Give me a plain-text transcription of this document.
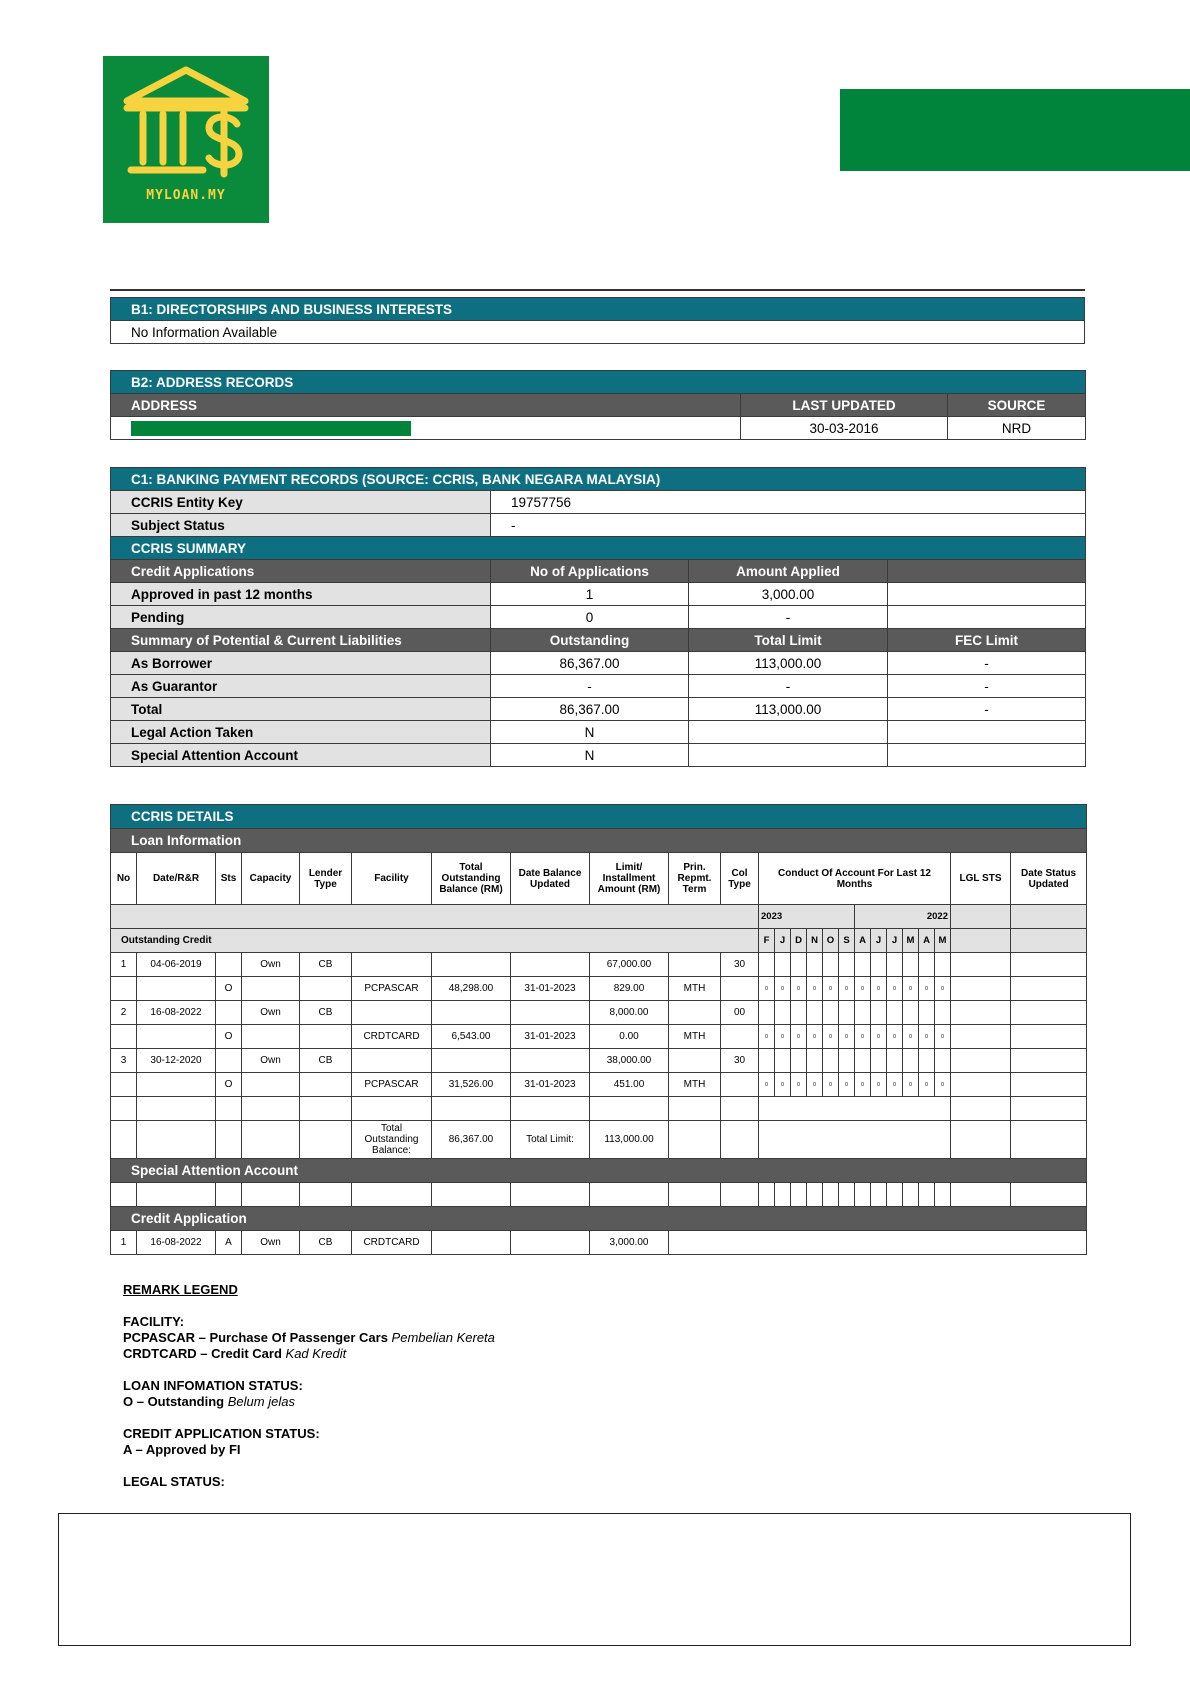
MYLOAN.MY
B1: DIRECTORSHIPS AND BUSINESS INTERESTS
No Information Available
B2: ADDRESS RECORDS		
ADDRESS	LAST UPDATED	SOURCE
	30-03-2016	NRD
C1: BANKING PAYMENT RECORDS (SOURCE: CCRIS, BANK NEGARA MALAYSIA)			
CCRIS Entity Key	19757756		
Subject Status	-		
CCRIS SUMMARY			
Credit Applications	No of Applications	Amount Applied	
Approved in past 12 months	1	3,000.00	
Pending	0	-	
Summary of Potential & Current Liabilities	Outstanding	Total Limit	FEC Limit
As Borrower	86,367.00	113,000.00	-
As Guarantor	-	-	-
Total	86,367.00	113,000.00	-
Legal Action Taken	N		
Special Attention Account	N		
CCRIS DETAILS																								
Loan Information																								
No	Date/R&R	Sts	Capacity	Lender Type	Facility	Total Outstanding Balance (RM)	Date Balance Updated	Limit/ Installment Amount (RM)	Prin. Repmt. Term	Col Type	Conduct Of Account For Last 12 Months												LGL STS	Date Status Updated
											2023						2022							
Outstanding Credit											F	J	D	N	O	S	A	J	J	M	A	M		
1	04-06-2019		Own	CB				67,000.00		30														
		O			PCPASCAR	48,298.00	31-01-2023	829.00	MTH		0	0	0	0	0	0	0	0	0	0	0	0		
2	16-08-2022		Own	CB				8,000.00		00														
		O			CRDTCARD	6,543.00	31-01-2023	0.00	MTH		0	0	0	0	0	0	0	0	0	0	0	0		
3	30-12-2020		Own	CB				38,000.00		30														
		O			PCPASCAR	31,526.00	31-01-2023	451.00	MTH		0	0	0	0	0	0	0	0	0	0	0	0		

					Total Outstanding Balance:	86,367.00	Total Limit:	113,000.00																
Special Attention Account																								

Credit Application																								
1	16-08-2022	A	Own	CB	CRDTCARD			3,000.00																
REMARK LEGEND
FACILITY:
PCPASCAR – Purchase Of Passenger Cars Pembelian Kereta
CRDTCARD – Credit Card Kad Kredit
LOAN INFOMATION STATUS:
O – Outstanding Belum jelas
CREDIT APPLICATION STATUS:
A – Approved by FI
LEGAL STATUS:
